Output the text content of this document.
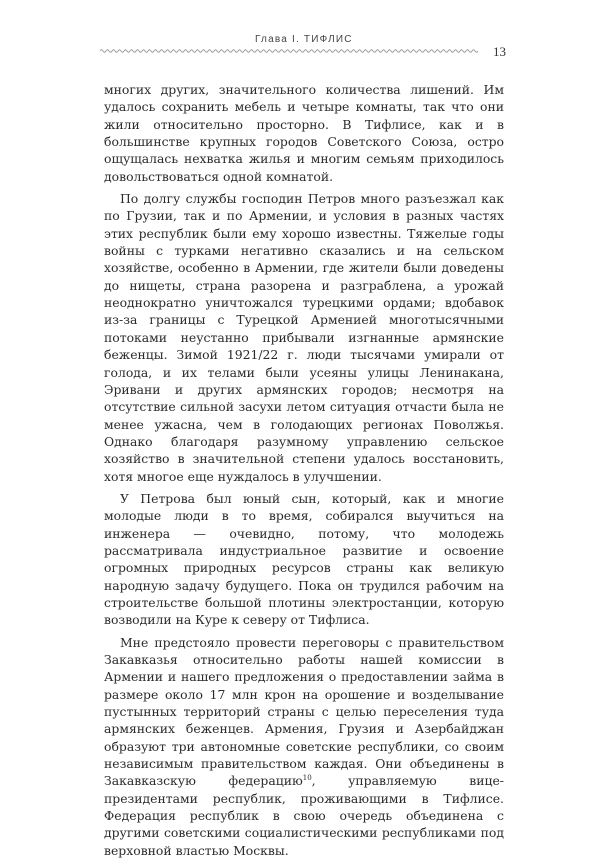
Глава I. ТИФЛИС
13

многих других, значительного количества лишений. Им удалось сохранить мебель и четыре комнаты, так что они жили относительно просторно. В Тифлисе, как и в большинстве крупных городов Советского Союза, остро ощущалась нехватка жилья и многим семьям приходилось довольствоваться одной комнатой.

По долгу службы господин Петров много разъезжал как по Грузии, так и по Армении, и условия в разных частях этих республик были ему хорошо известны. Тяжелые годы войны с турками негативно сказались и на сельском хозяйстве, особенно в Армении, где жители были доведены до нищеты, страна разорена и разграблена, а урожай неоднократно уничтожался турецкими ордами; вдобавок из-за границы с Турецкой Арменией многотысячными потоками неустанно прибывали изгнанные армянские беженцы. Зимой 1921/22 г. люди тысячами умирали от голода, и их телами были усеяны улицы Ленинакана, Эривани и других армянских городов; несмотря на отсутствие сильной засухи летом ситуация отчасти была не менее ужасна, чем в голодающих регионах Поволжья. Однако благодаря разумному управлению сельское хозяйство в значительной степени удалось восстановить, хотя многое еще нуждалось в улучшении.

У Петрова был юный сын, который, как и многие молодые люди в то время, собирался выучиться на инженера — очевидно, потому, что молодежь рассматривала индустриальное развитие и освоение огромных природных ресурсов страны как великую народную задачу будущего. Пока он трудился рабочим на строительстве большой плотины электростанции, которую возводили на Куре к северу от Тифлиса.

Мне предстояло провести переговоры с правительством Закавказья относительно работы нашей комиссии в Армении и нашего предложения о предоставлении займа в размере около 17 млн крон на орошение и возделывание пустынных территорий страны с целью переселения туда армянских беженцев. Армения, Грузия и Азербайджан образуют три автономные советские республики, со своим независимым правительством каждая. Они объединены в Закавказскую федерацию$^{10}$, управляемую вице-президентами республик, проживающими в Тифлисе. Федерация республик в свою очередь объединена с другими советскими социалистическими республиками под верховной властью Москвы.
